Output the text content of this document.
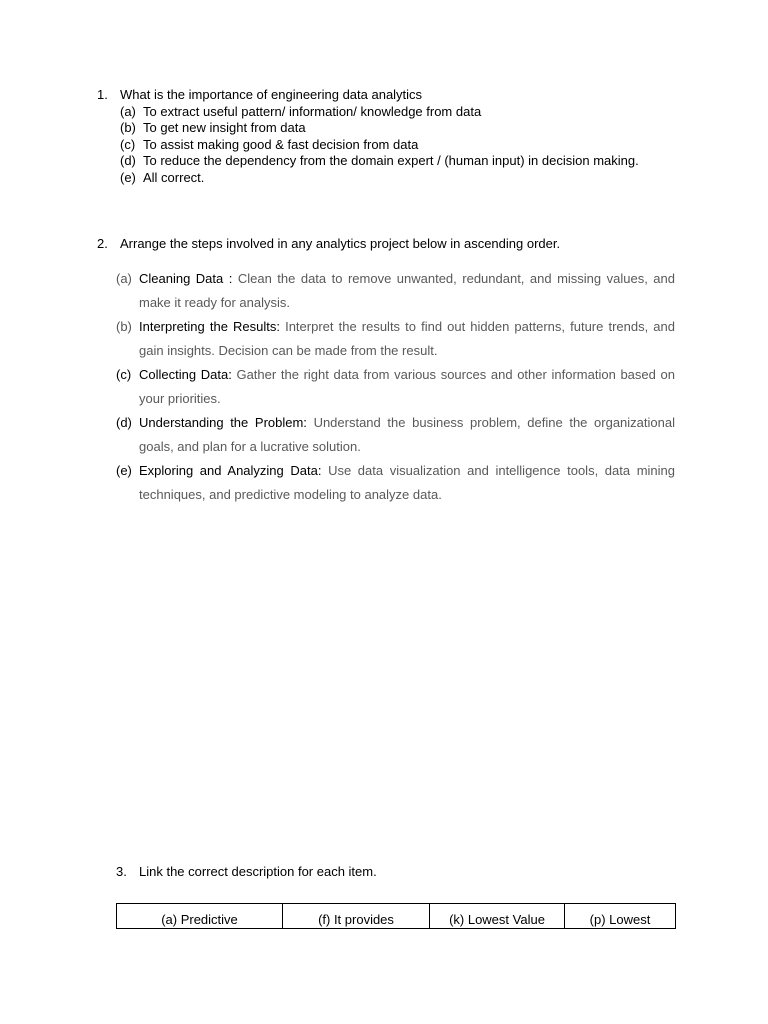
1. What is the importance of engineering data analytics
(a) To extract useful pattern/ information/ knowledge from data
(b) To get new insight from data
(c) To assist making good & fast decision from data
(d) To reduce the dependency from the domain expert / (human input) in decision making.
(e) All correct.
2. Arrange the steps involved in any analytics project below in ascending order.
(a) Cleaning Data : Clean the data to remove unwanted, redundant, and missing values, and make it ready for analysis.
(b) Interpreting the Results: Interpret the results to find out hidden patterns, future trends, and gain insights. Decision can be made from the result.
(c) Collecting Data: Gather the right data from various sources and other information based on your priorities.
(d) Understanding the Problem: Understand the business problem, define the organizational goals, and plan for a lucrative solution.
(e) Exploring and Analyzing Data: Use data visualization and intelligence tools, data mining techniques, and predictive modeling to analyze data.
3. Link the correct description for each item.
(a) Predictive	(f) It provides	(k) Lowest Value	(p) Lowest
